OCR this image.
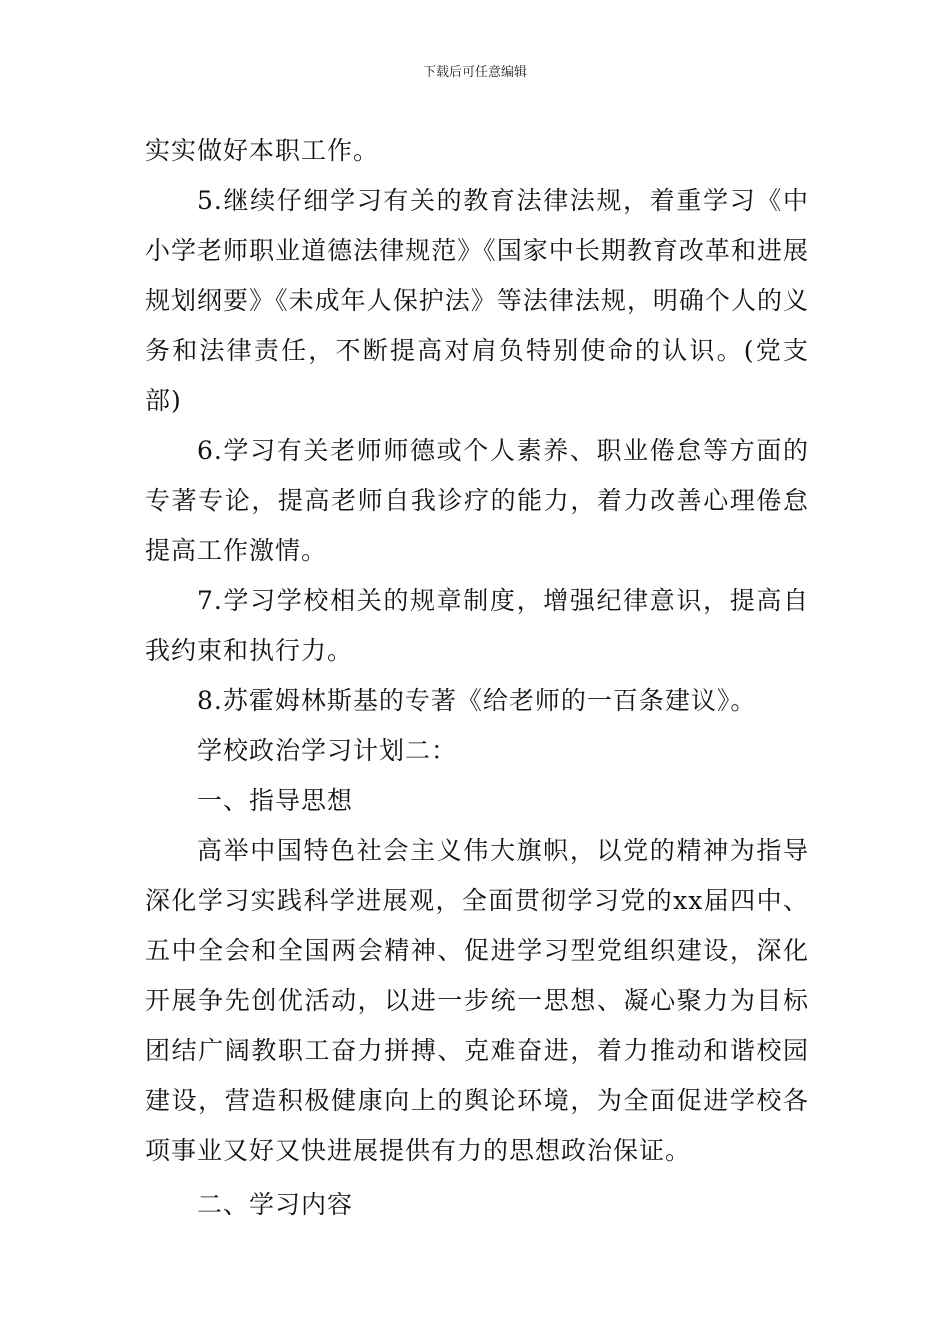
下载后可任意编辑

实实做好本职工作。

5.继续仔细学习有关的教育法律法规，着重学习《中小学老师职业道德法律规范》《国家中长期教育改革和进展规划纲要》《未成年人保护法》等法律法规，明确个人的义务和法律责任，不断提高对肩负特别使命的认识。(党支部)

6.学习有关老师师德或个人素养、职业倦怠等方面的专著专论，提高老师自我诊疗的能力，着力改善心理倦怠提高工作激情。

7.学习学校相关的规章制度，增强纪律意识，提高自我约束和执行力。

8.苏霍姆林斯基的专著《给老师的一百条建议》。

学校政治学习计划二：

一、指导思想

高举中国特色社会主义伟大旗帜，以党的精神为指导深化学习实践科学进展观，全面贯彻学习党的xx届四中、五中全会和全国两会精神、促进学习型党组织建设，深化开展争先创优活动，以进一步统一思想、凝心聚力为目标团结广阔教职工奋力拼搏、克难奋进，着力推动和谐校园建设，营造积极健康向上的舆论环境，为全面促进学校各项事业又好又快进展提供有力的思想政治保证。

二、学习内容
